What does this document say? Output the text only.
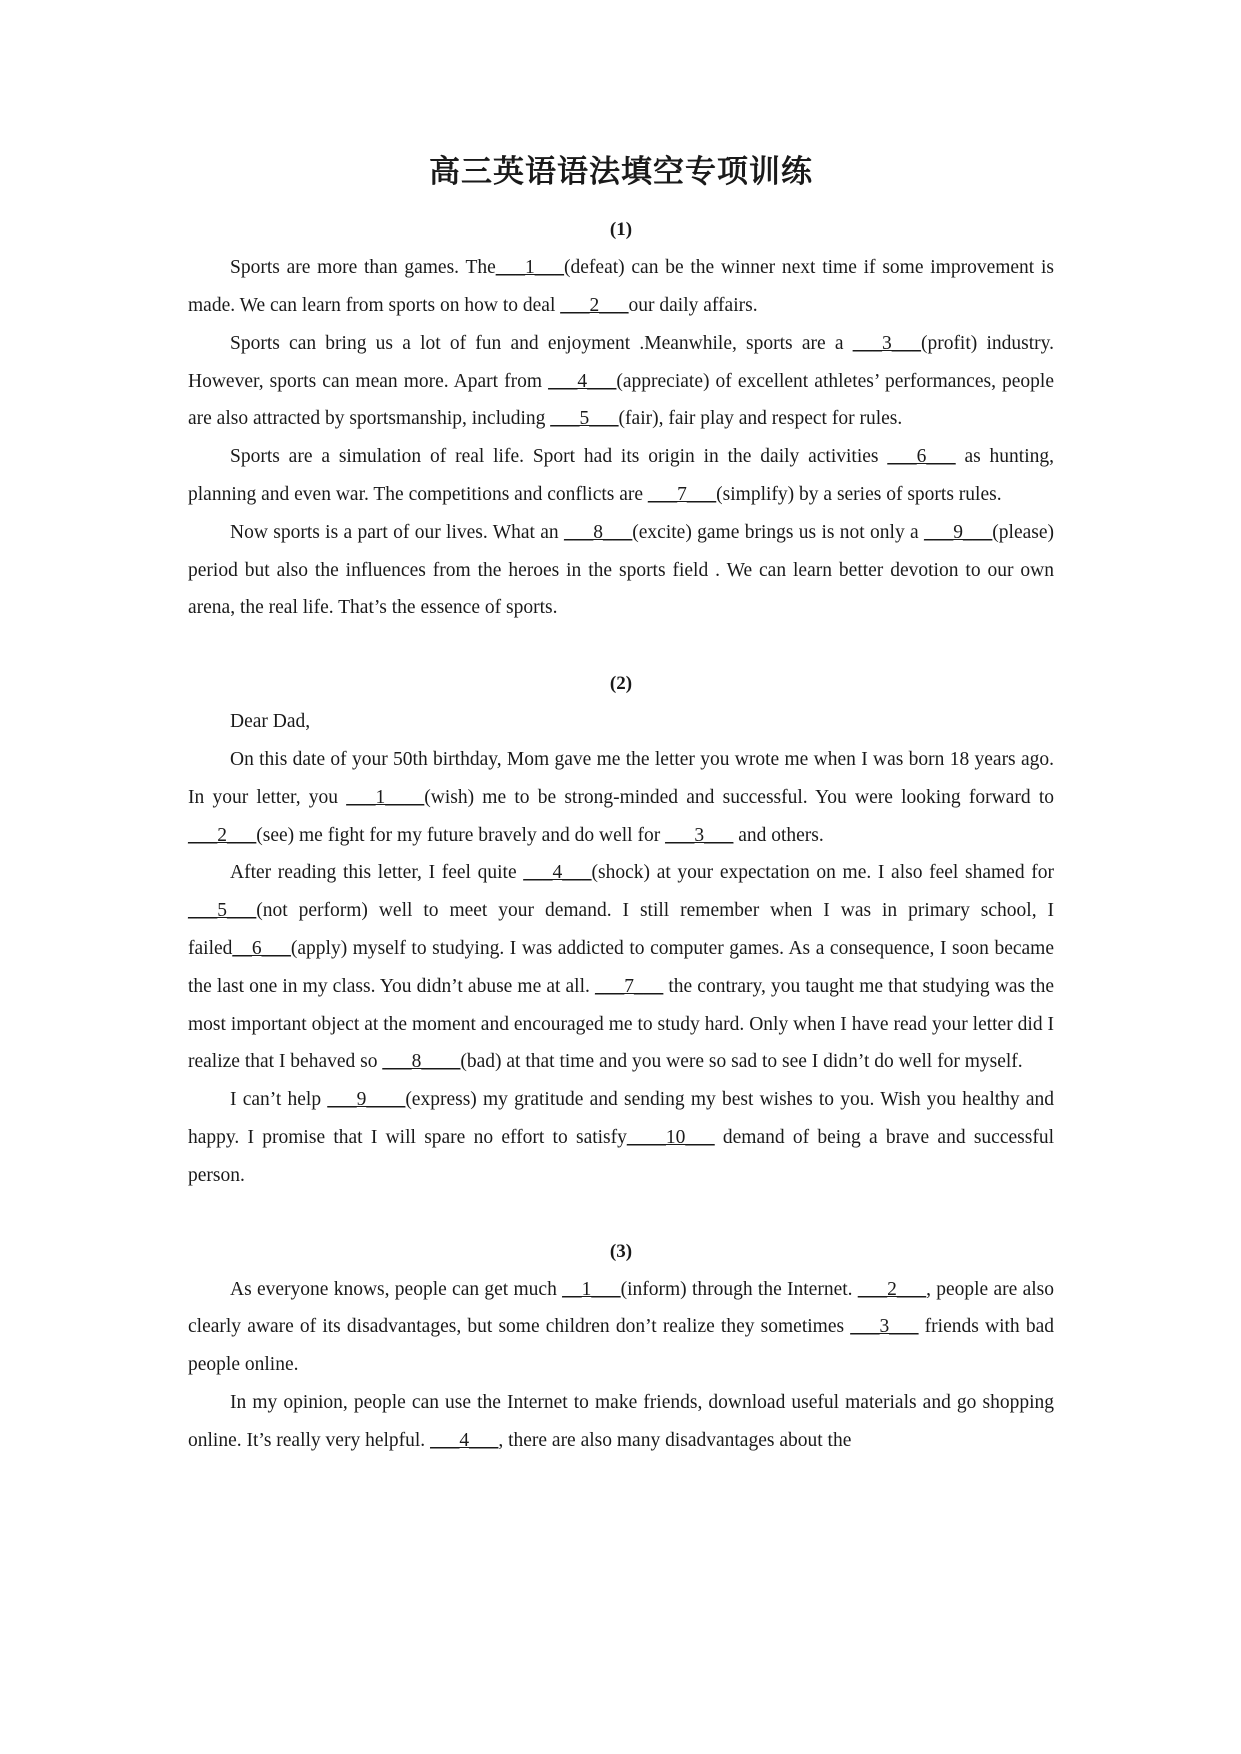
高三英语语法填空专项训练
(1)

Sports are more than games. The___1___(defeat) can be the winner next time if some improvement is made. We can learn from sports on how to deal ___2___our daily affairs.

Sports can bring us a lot of fun and enjoyment .Meanwhile, sports are a ___3___(profit) industry. However, sports can mean more. Apart from ___4___(appreciate) of excellent athletes’ performances, people are also attracted by sportsmanship, including ___5___(fair), fair play and respect for rules.

Sports are a simulation of real life. Sport had its origin in the daily activities ___6___ as hunting, planning and even war. The competitions and conflicts are ___7___(simplify) by a series of sports rules.

Now sports is a part of our lives. What an ___8___(excite) game brings us is not only a ___9___(please) period but also the influences from the heroes in the sports field . We can learn better devotion to our own arena, the real life. That’s the essence of sports.

(2)

Dear Dad,

On this date of your 50th birthday, Mom gave me the letter you wrote me when I was born 18 years ago. In your letter, you ___1____(wish) me to be strong-minded and successful. You were looking forward to ___2___(see) me fight for my future bravely and do well for ___3___ and others.

After reading this letter, I feel quite ___4___(shock) at your expectation on me. I also feel shamed for ___5___(not perform) well to meet your demand. I still remember when I was in primary school, I failed__6___(apply) myself to studying. I was addicted to computer games. As a consequence, I soon became the last one in my class. You didn’t abuse me at all. ___7___ the contrary, you taught me that studying was the most important object at the moment and encouraged me to study hard. Only when I have read your letter did I realize that I behaved so ___8____(bad) at that time and you were so sad to see I didn’t do well for myself.

I can’t help ___9____(express) my gratitude and sending my best wishes to you. Wish you healthy and happy. I promise that I will spare no effort to satisfy____10___ demand of being a brave and successful person.

(3)

As everyone knows, people can get much __1___(inform) through the Internet. ___2___, people are also clearly aware of its disadvantages, but some children don’t realize they sometimes ___3___ friends with bad people online.

In my opinion, people can use the Internet to make friends, download useful materials and go shopping online. It’s really very helpful. ___4___, there are also many disadvantages about the
